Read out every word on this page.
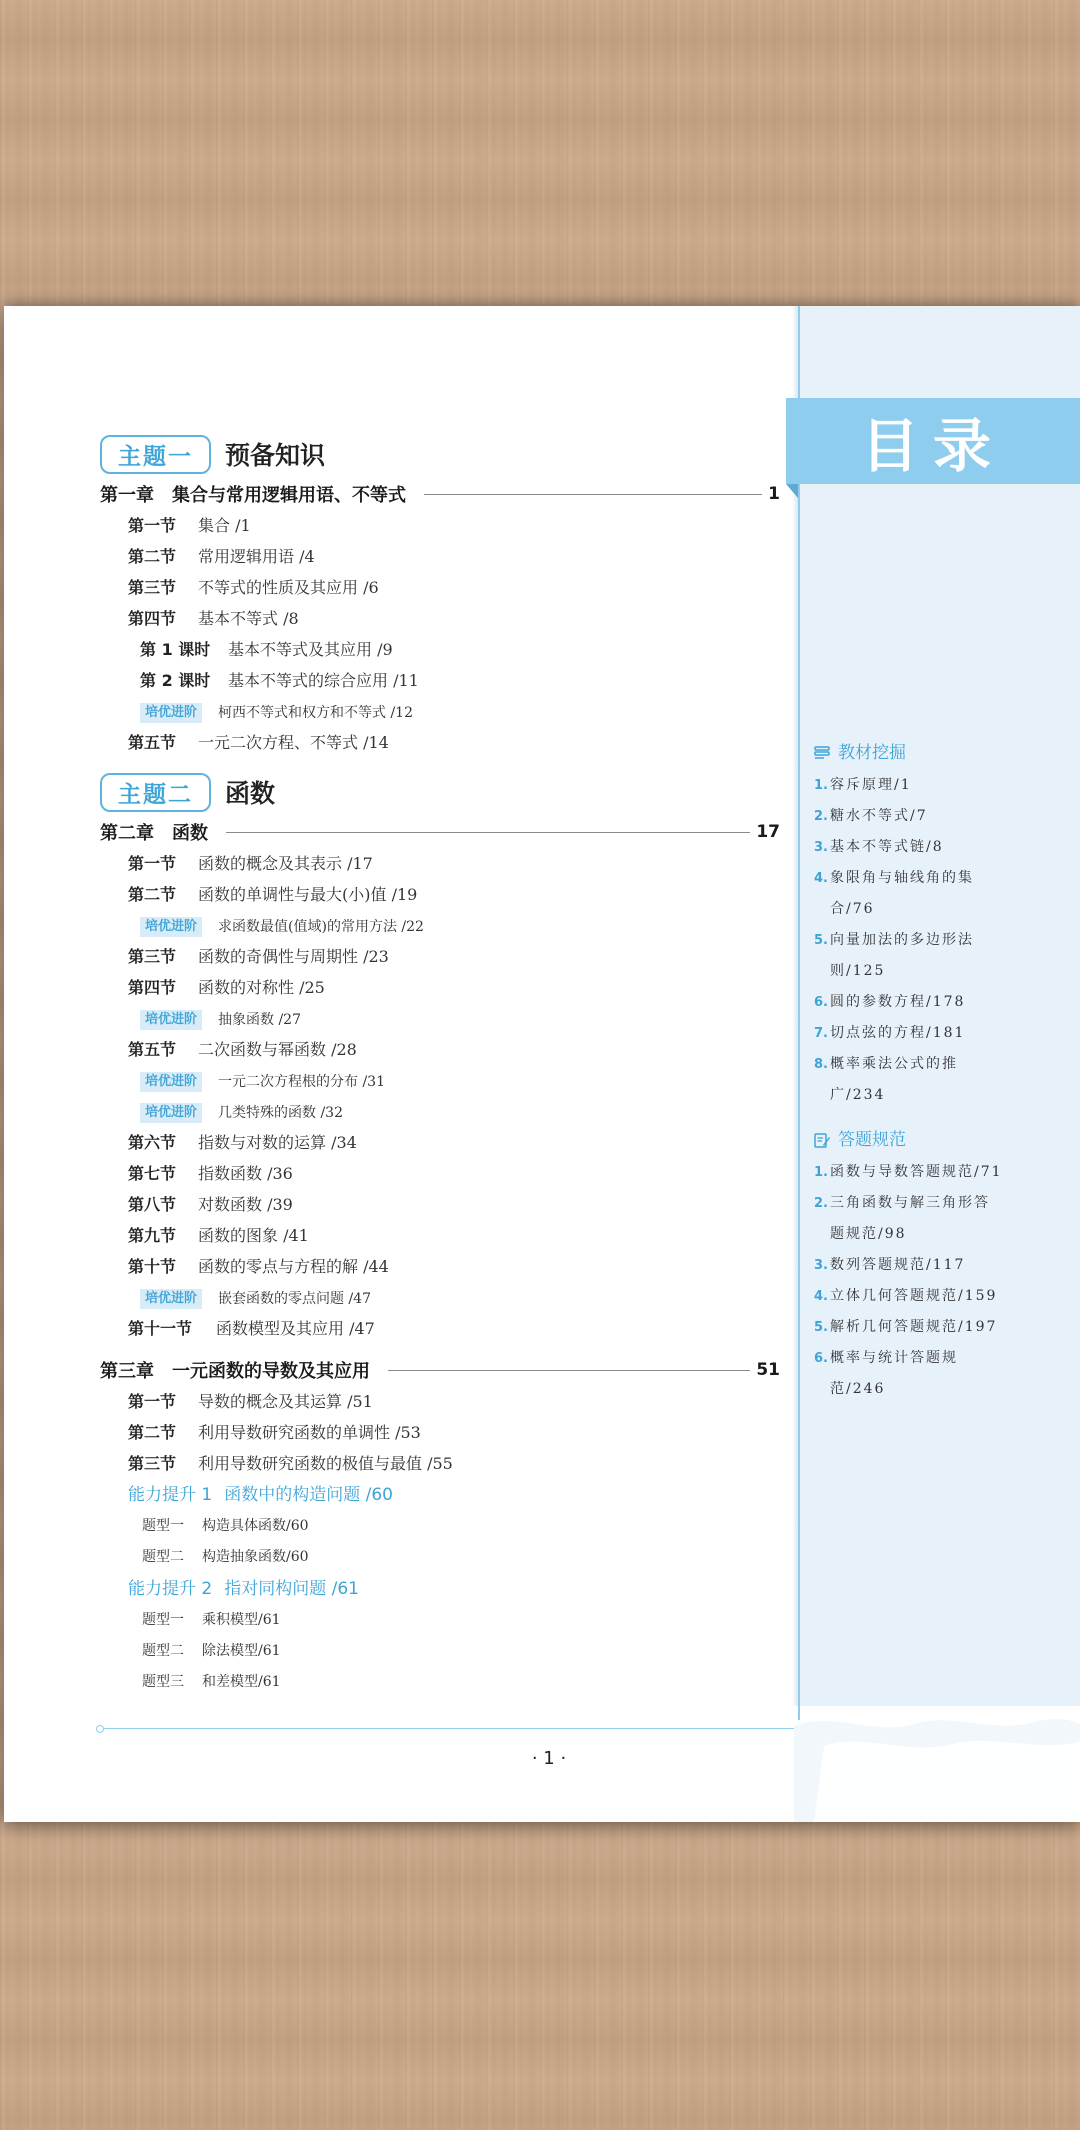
目录
主题一	预备知识
第一章　集合与常用逻辑用语、不等式	1
第一节 集合 /1
第二节 常用逻辑用语 /4
第三节 不等式的性质及其应用 /6
第四节 基本不等式 /8
第 1 课时 基本不等式及其应用 /9
第 2 课时 基本不等式的综合应用 /11
培优进阶 柯西不等式和权方和不等式 /12
第五节 一元二次方程、不等式 /14
主题二	函数
第二章　函数	17
第一节 函数的概念及其表示 /17
第二节 函数的单调性与最大(小)值 /19
培优进阶 求函数最值(值域)的常用方法 /22
第三节 函数的奇偶性与周期性 /23
第四节 函数的对称性 /25
培优进阶 抽象函数 /27
第五节 二次函数与幂函数 /28
培优进阶 一元二次方程根的分布 /31
培优进阶 几类特殊的函数 /32
第六节 指数与对数的运算 /34
第七节 指数函数 /36
第八节 对数函数 /39
第九节 函数的图象 /41
第十节 函数的零点与方程的解 /44
培优进阶 嵌套函数的零点问题 /47
第十一节 函数模型及其应用 /47
第三章　一元函数的导数及其应用	51
第一节 导数的概念及其运算 /51
第二节 利用导数研究函数的单调性 /53
第三节 利用导数研究函数的极值与最值 /55
能力提升 1 函数中的构造问题 /60
题型一 构造具体函数/60
题型二 构造抽象函数/60
能力提升 2 指对同构问题 /61
题型一 乘积模型/61
题型二 除法模型/61
题型三 和差模型/61
教材挖掘
1. 容斥原理/1
2. 糖水不等式/7
3. 基本不等式链/8
4. 象限角与轴线角的集合/76
5. 向量加法的多边形法则/125
6. 圆的参数方程/178
7. 切点弦的方程/181
8. 概率乘法公式的推广/234
答题规范
1. 函数与导数答题规范/71
2. 三角函数与解三角形答题规范/98
3. 数列答题规范/117
4. 立体几何答题规范/159
5. 解析几何答题规范/197
6. 概率与统计答题规范/246
· 1 ·
